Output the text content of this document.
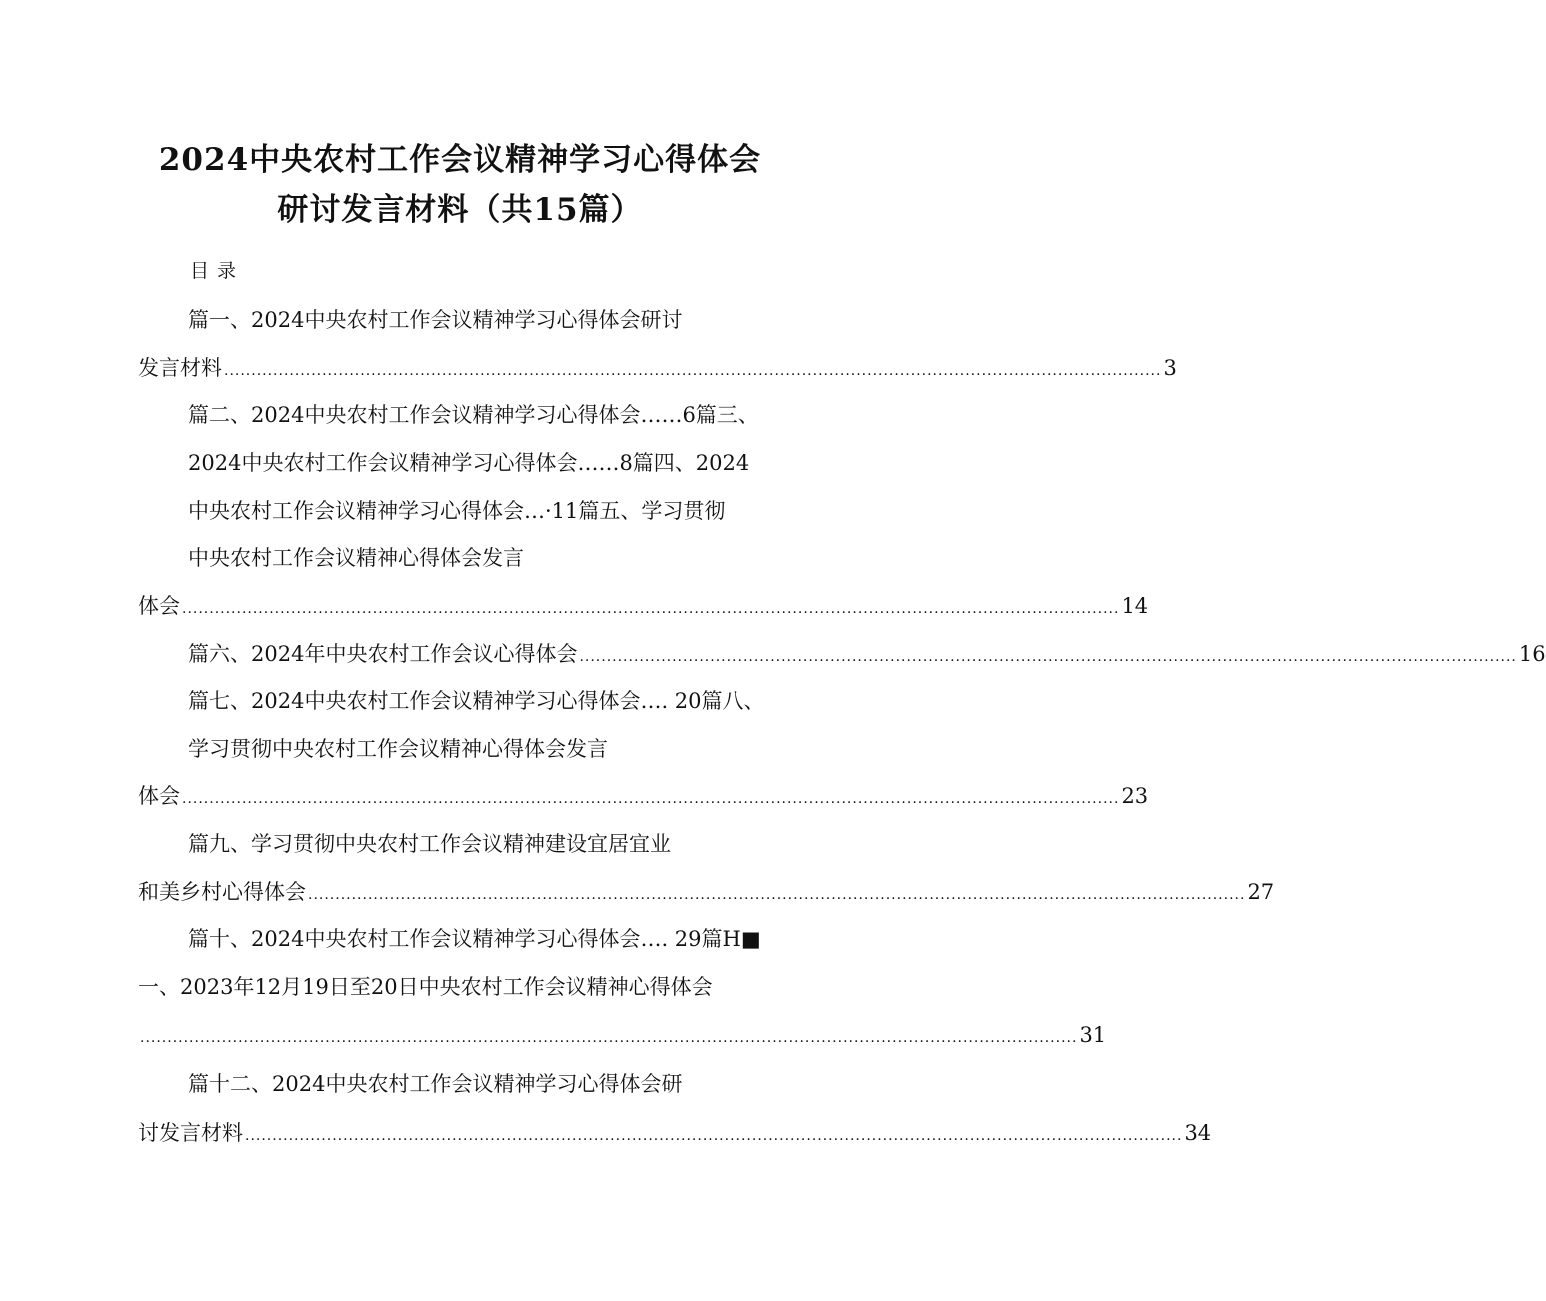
2024中央农村工作会议精神学习心得体会
研讨发言材料（共15篇）
目录
篇一、2024中央农村工作会议精神学习心得体会研讨
发言材料 ............................................................................................................................................................................ 3
篇二、2024中央农村工作会议精神学习心得体会……6篇三、
2024中央农村工作会议精神学习心得体会……8篇四、2024
中央农村工作会议精神学习心得体会…·11篇五、学习贯彻
中央农村工作会议精神心得体会发言
体会 ............................................................................................................................................................................ 14
篇六、2024年中央农村工作会议心得体会 ............................................................................................................................................................................ 16
篇七、2024中央农村工作会议精神学习心得体会…. 20篇八、
学习贯彻中央农村工作会议精神心得体会发言
体会 ............................................................................................................................................................................ 23
篇九、学习贯彻中央农村工作会议精神建设宜居宜业
和美乡村心得体会 ............................................................................................................................................................................ 27
篇十、2024中央农村工作会议精神学习心得体会…. 29篇H■
一、2023年12月19日至20日中央农村工作会议精神心得体会
............................................................................................................................................................................ 31
篇十二、2024中央农村工作会议精神学习心得体会研
讨发言材料 ............................................................................................................................................................................ 34
